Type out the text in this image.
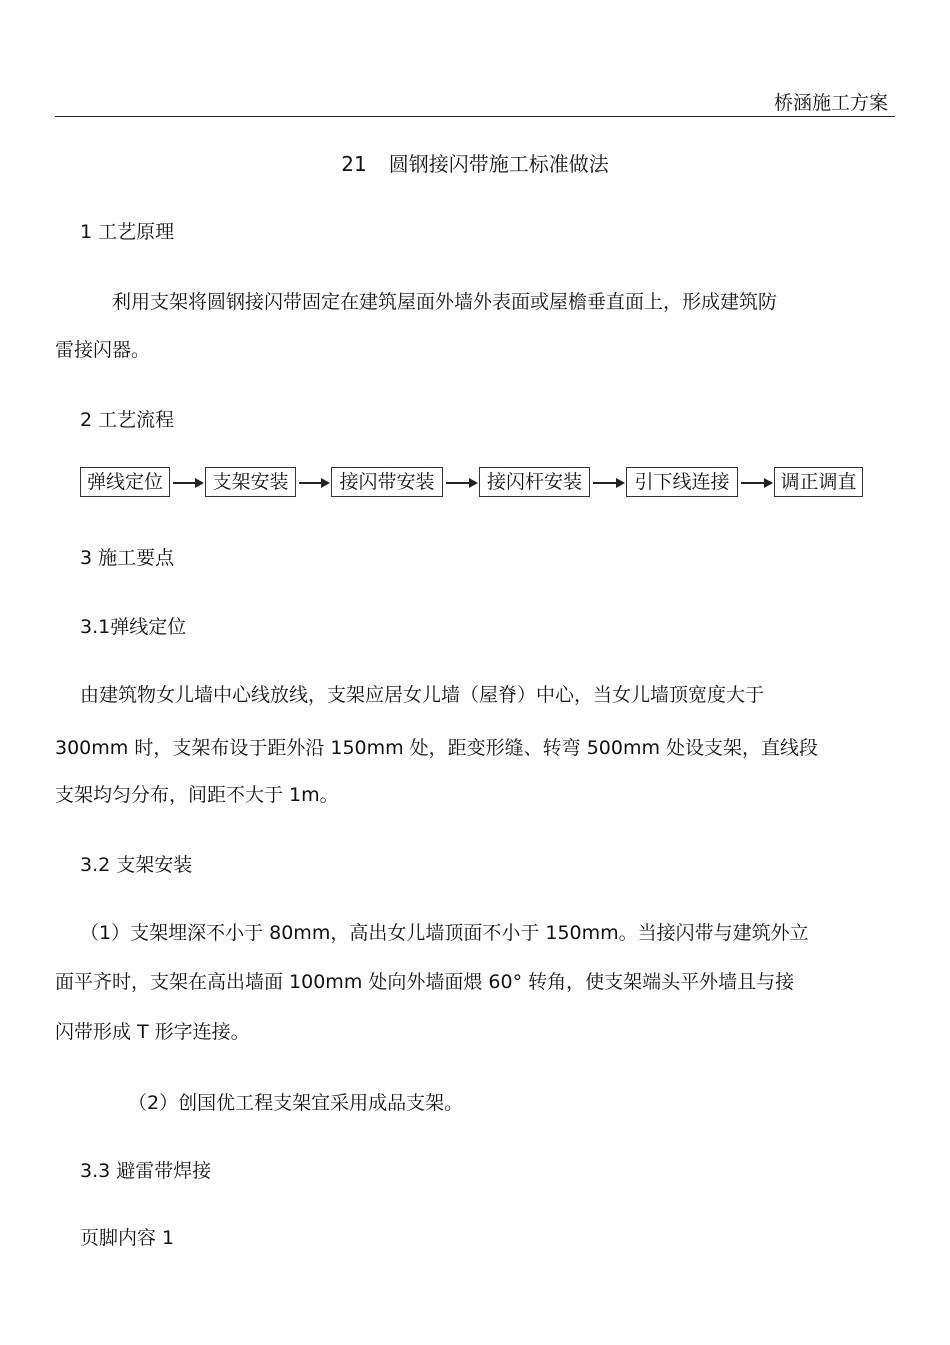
桥涵施工方案
21 圆钢接闪带施工标准做法
1 工艺原理
利用支架将圆钢接闪带固定在建筑屋面外墙外表面或屋檐垂直面上，形成建筑防
雷接闪器。
2 工艺流程
弹线定位	支架安装	接闪带安装	接闪杆安装	引下线连接	调正调直
3 施工要点
3.1弹线定位
由建筑物女儿墙中心线放线，支架应居女儿墙（屋脊）中心，当女儿墙顶宽度大于
300mm 时，支架布设于距外沿 150mm 处，距变形缝、转弯 500mm 处设支架，直线段
支架均匀分布，间距不大于 1m。
3.2 支架安装
（1）支架埋深不小于 80mm，高出女儿墙顶面不小于 150mm。当接闪带与建筑外立
面平齐时，支架在高出墙面 100mm 处向外墙面煨 60° 转角，使支架端头平外墙且与接
闪带形成 T 形字连接。
（2）创国优工程支架宜采用成品支架。
3.3 避雷带焊接
页脚内容 1
